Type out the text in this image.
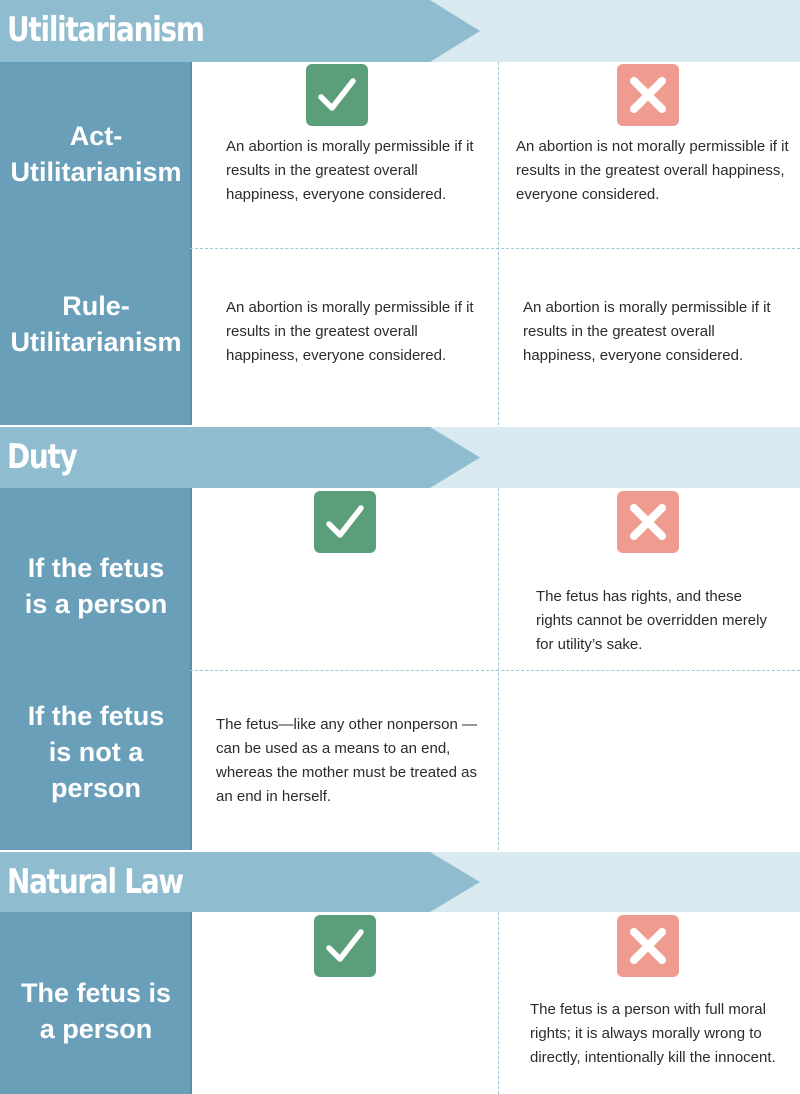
Utilitarianism
Act-
Utilitarianism
Rule-
Utilitarianism
An abortion is morally permissible if it results in the greatest overall happiness, everyone considered.
An abortion is not morally permissible if it results in the greatest overall happiness, everyone considered.
An abortion is morally permissible if it results in the greatest overall happiness, everyone considered.
An abortion is morally permissible if it results in the greatest overall happiness, everyone considered.
Duty
If the fetus
is a person
If the fetus
is not a
person
The fetus has rights, and these rights cannot be overridden merely for utility’s sake.
The fetus—like any other nonperson —can be used as a means to an end, whereas the mother must be treated as an end in herself.
Natural Law
The fetus is
a person
The fetus is a person with full moral rights; it is always morally wrong to directly, intentionally kill the innocent.
